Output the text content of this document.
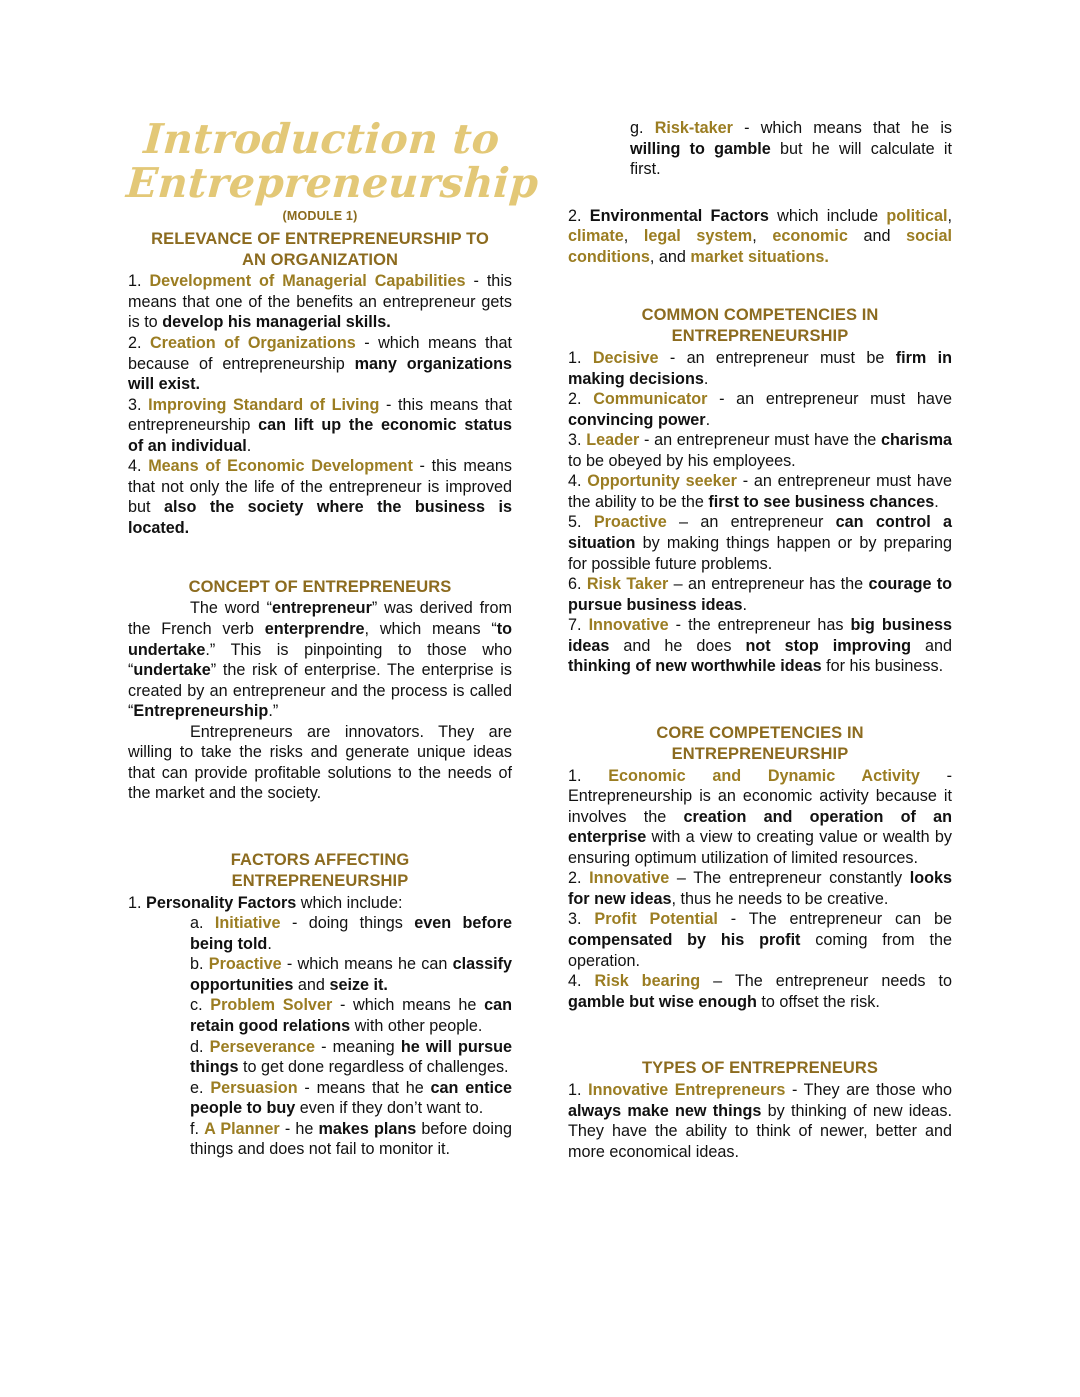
Introduction to
Entrepreneurship
(MODULE 1)
RELEVANCE OF ENTREPRENEURSHIP TO
AN ORGANIZATION

1. Development of Managerial Capabilities - this means that one of the benefits an entrepreneur gets is to develop his managerial skills.

2. Creation of Organizations - which means that because of entrepreneurship many organizations will exist.

3. Improving Standard of Living - this means that entrepreneurship can lift up the economic status of an individual.

4. Means of Economic Development - this means that not only the life of the entrepreneur is improved but also the society where the business is located.

CONCEPT OF ENTREPRENEURS

The word “entrepreneur” was derived from the French verb enterprendre, which means “to undertake.” This is pinpointing to those who “undertake” the risk of enterprise. The enterprise is created by an entrepreneur and the process is called “Entrepreneurship.”

Entrepreneurs are innovators. They are willing to take the risks and generate unique ideas that can provide profitable solutions to the needs of the market and the society.

FACTORS AFFECTING
ENTREPRENEURSHIP

1. Personality Factors which include:

a. Initiative - doing things even before being told.

b. Proactive - which means he can classify opportunities and seize it.

c. Problem Solver - which means he can retain good relations with other people.

d. Perseverance - meaning he will pursue things to get done regardless of challenges.

e. Persuasion - means that he can entice people to buy even if they don’t want to.

f. A Planner - he makes plans before doing things and does not fail to monitor it.

g. Risk-taker - which means that he is willing to gamble but he will calculate it first.

2. Environmental Factors which include political, climate, legal system, economic and social conditions, and market situations.

COMMON COMPETENCIES IN
ENTREPRENEURSHIP

1. Decisive - an entrepreneur must be firm in making decisions.

2. Communicator - an entrepreneur must have convincing power.

3. Leader - an entrepreneur must have the charisma to be obeyed by his employees.

4. Opportunity seeker - an entrepreneur must have the ability to be the first to see business chances.

5. Proactive – an entrepreneur can control a situation by making things happen or by preparing for possible future problems.

6. Risk Taker – an entrepreneur has the courage to pursue business ideas.

7. Innovative - the entrepreneur has big business ideas and he does not stop improving and thinking of new worthwhile ideas for his business.

CORE COMPETENCIES IN
ENTREPRENEURSHIP

1. Economic and Dynamic Activity - Entrepreneurship is an economic activity because it involves the creation and operation of an enterprise with a view to creating value or wealth by ensuring optimum utilization of limited resources.

2. Innovative – The entrepreneur constantly looks for new ideas, thus he needs to be creative.

3. Profit Potential - The entrepreneur can be compensated by his profit coming from the operation.

4. Risk bearing – The entrepreneur needs to gamble but wise enough to offset the risk.

TYPES OF ENTREPRENEURS

1. Innovative Entrepreneurs - They are those who always make new things by thinking of new ideas. They have the ability to think of newer, better and more economical ideas.
